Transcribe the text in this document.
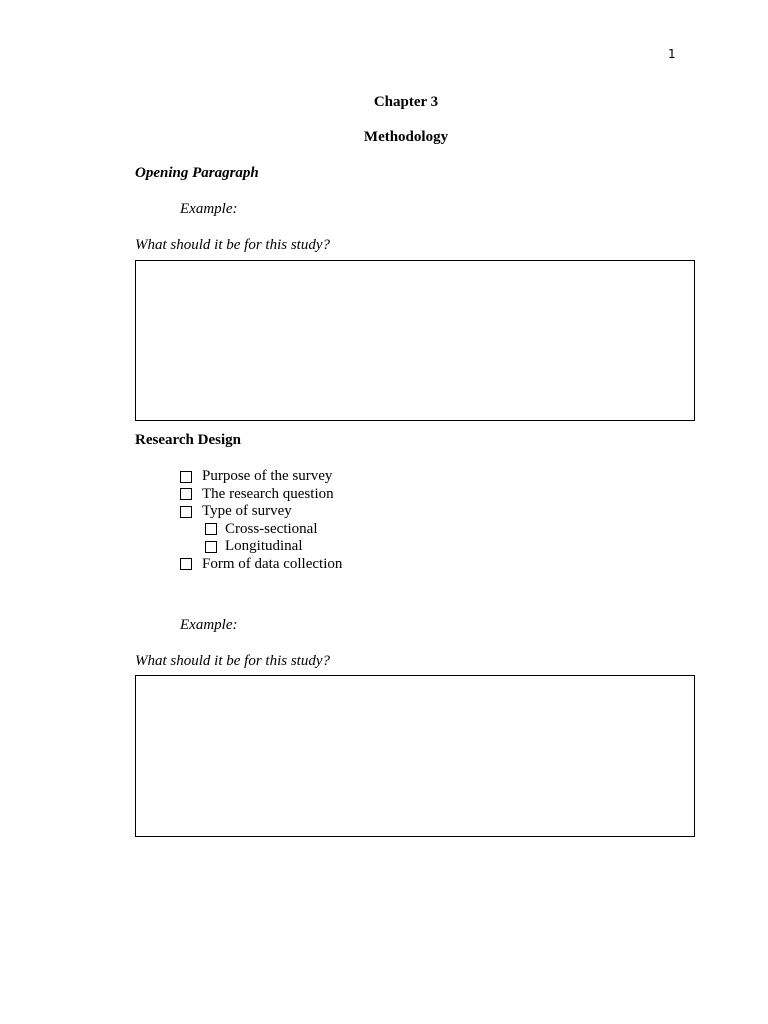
1
Chapter 3
Methodology
Opening Paragraph
Example:
What should it be for this study?
Research Design
Purpose of the survey
The research question
Type of survey
Cross-sectional
Longitudinal
Form of data collection
Example:
What should it be for this study?
